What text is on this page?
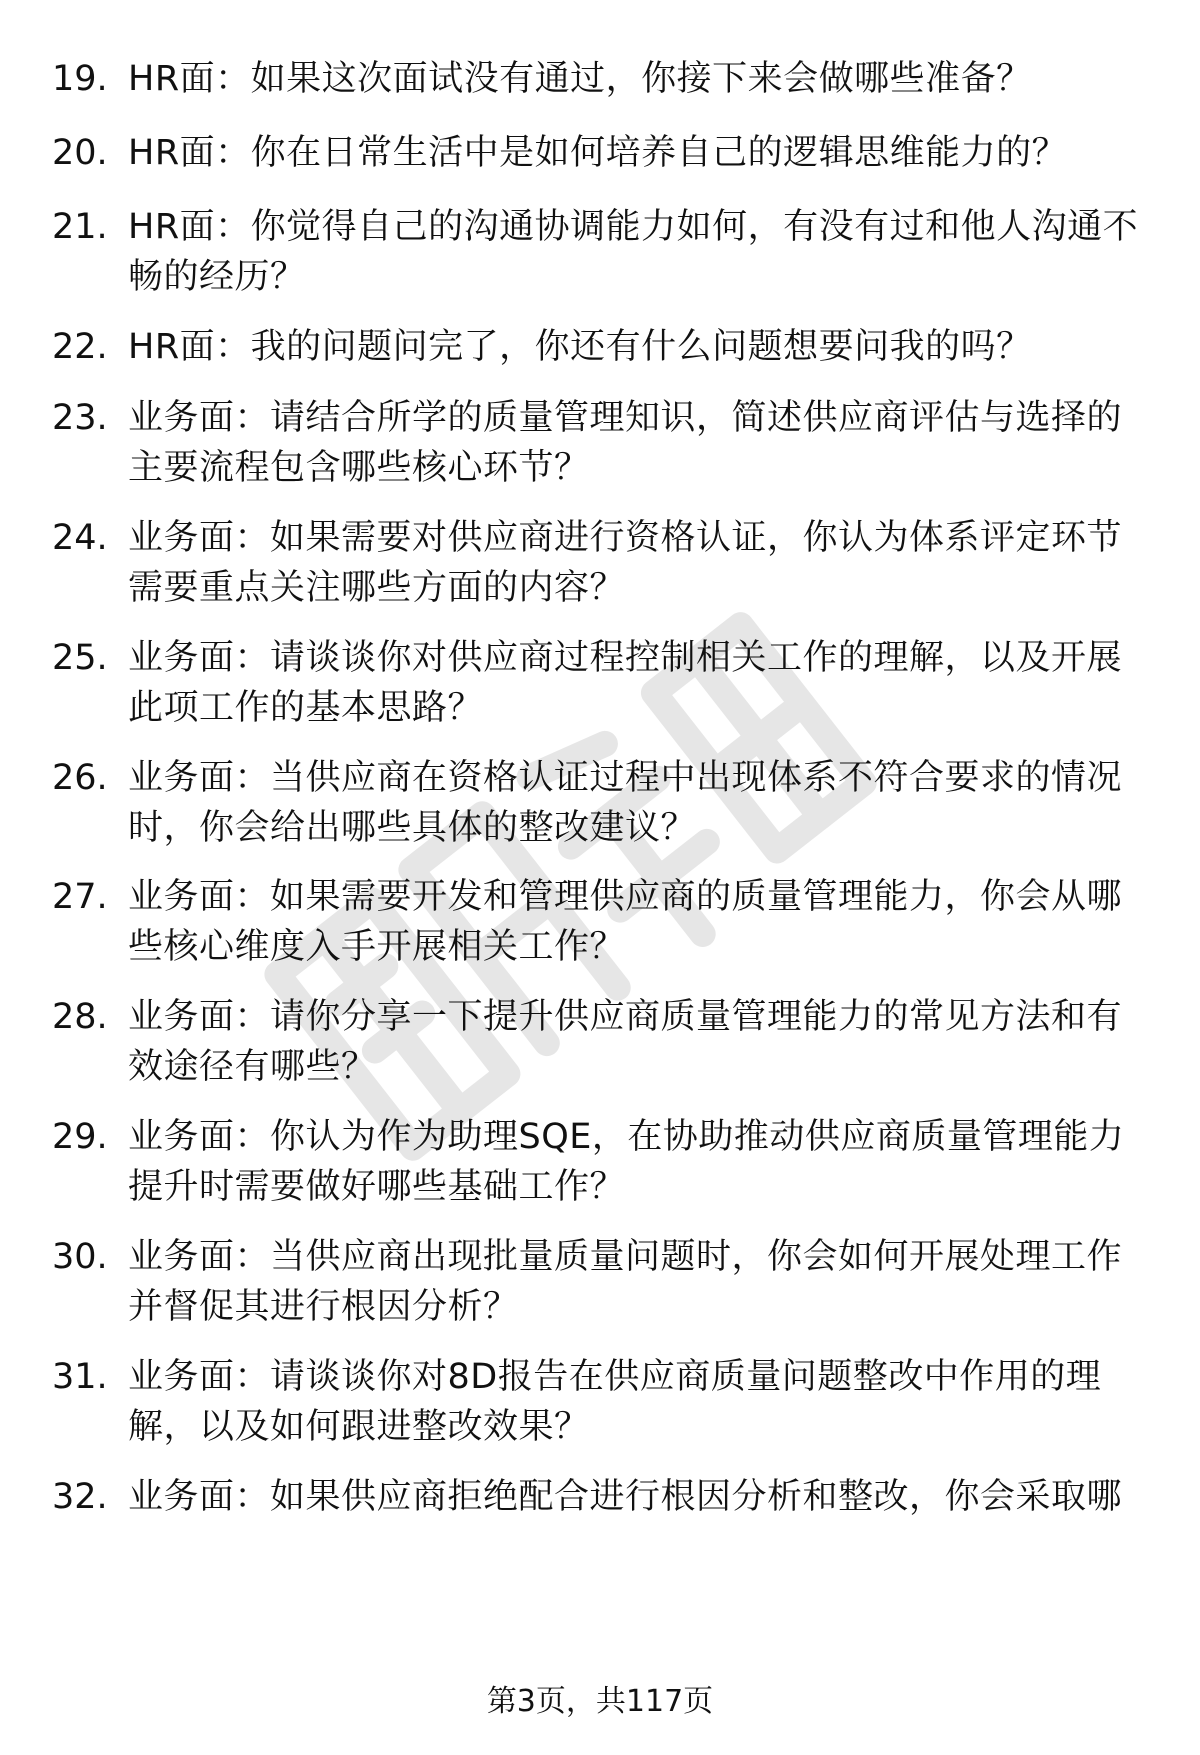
19. HR面：如果这次面试没有通过，你接下来会做哪些准备？
20. HR面：你在日常生活中是如何培养自己的逻辑思维能力的？
21. HR面：你觉得自己的沟通协调能力如何，有没有过和他人沟通不畅的经历？
22. HR面：我的问题问完了，你还有什么问题想要问我的吗？
23. 业务面：请结合所学的质量管理知识，简述供应商评估与选择的主要流程包含哪些核心环节？
24. 业务面：如果需要对供应商进行资格认证，你认为体系评定环节需要重点关注哪些方面的内容？
25. 业务面：请谈谈你对供应商过程控制相关工作的理解，以及开展此项工作的基本思路？
26. 业务面：当供应商在资格认证过程中出现体系不符合要求的情况时，你会给出哪些具体的整改建议？
27. 业务面：如果需要开发和管理供应商的质量管理能力，你会从哪些核心维度入手开展相关工作？
28. 业务面：请你分享一下提升供应商质量管理能力的常见方法和有效途径有哪些？
29. 业务面：你认为作为助理SQE，在协助推动供应商质量管理能力提升时需要做好哪些基础工作？
30. 业务面：当供应商出现批量质量问题时，你会如何开展处理工作并督促其进行根因分析？
31. 业务面：请谈谈你对8D报告在供应商质量问题整改中作用的理解，以及如何跟进整改效果？
32. 业务面：如果供应商拒绝配合进行根因分析和整改，你会采取哪
第3页，共117页
